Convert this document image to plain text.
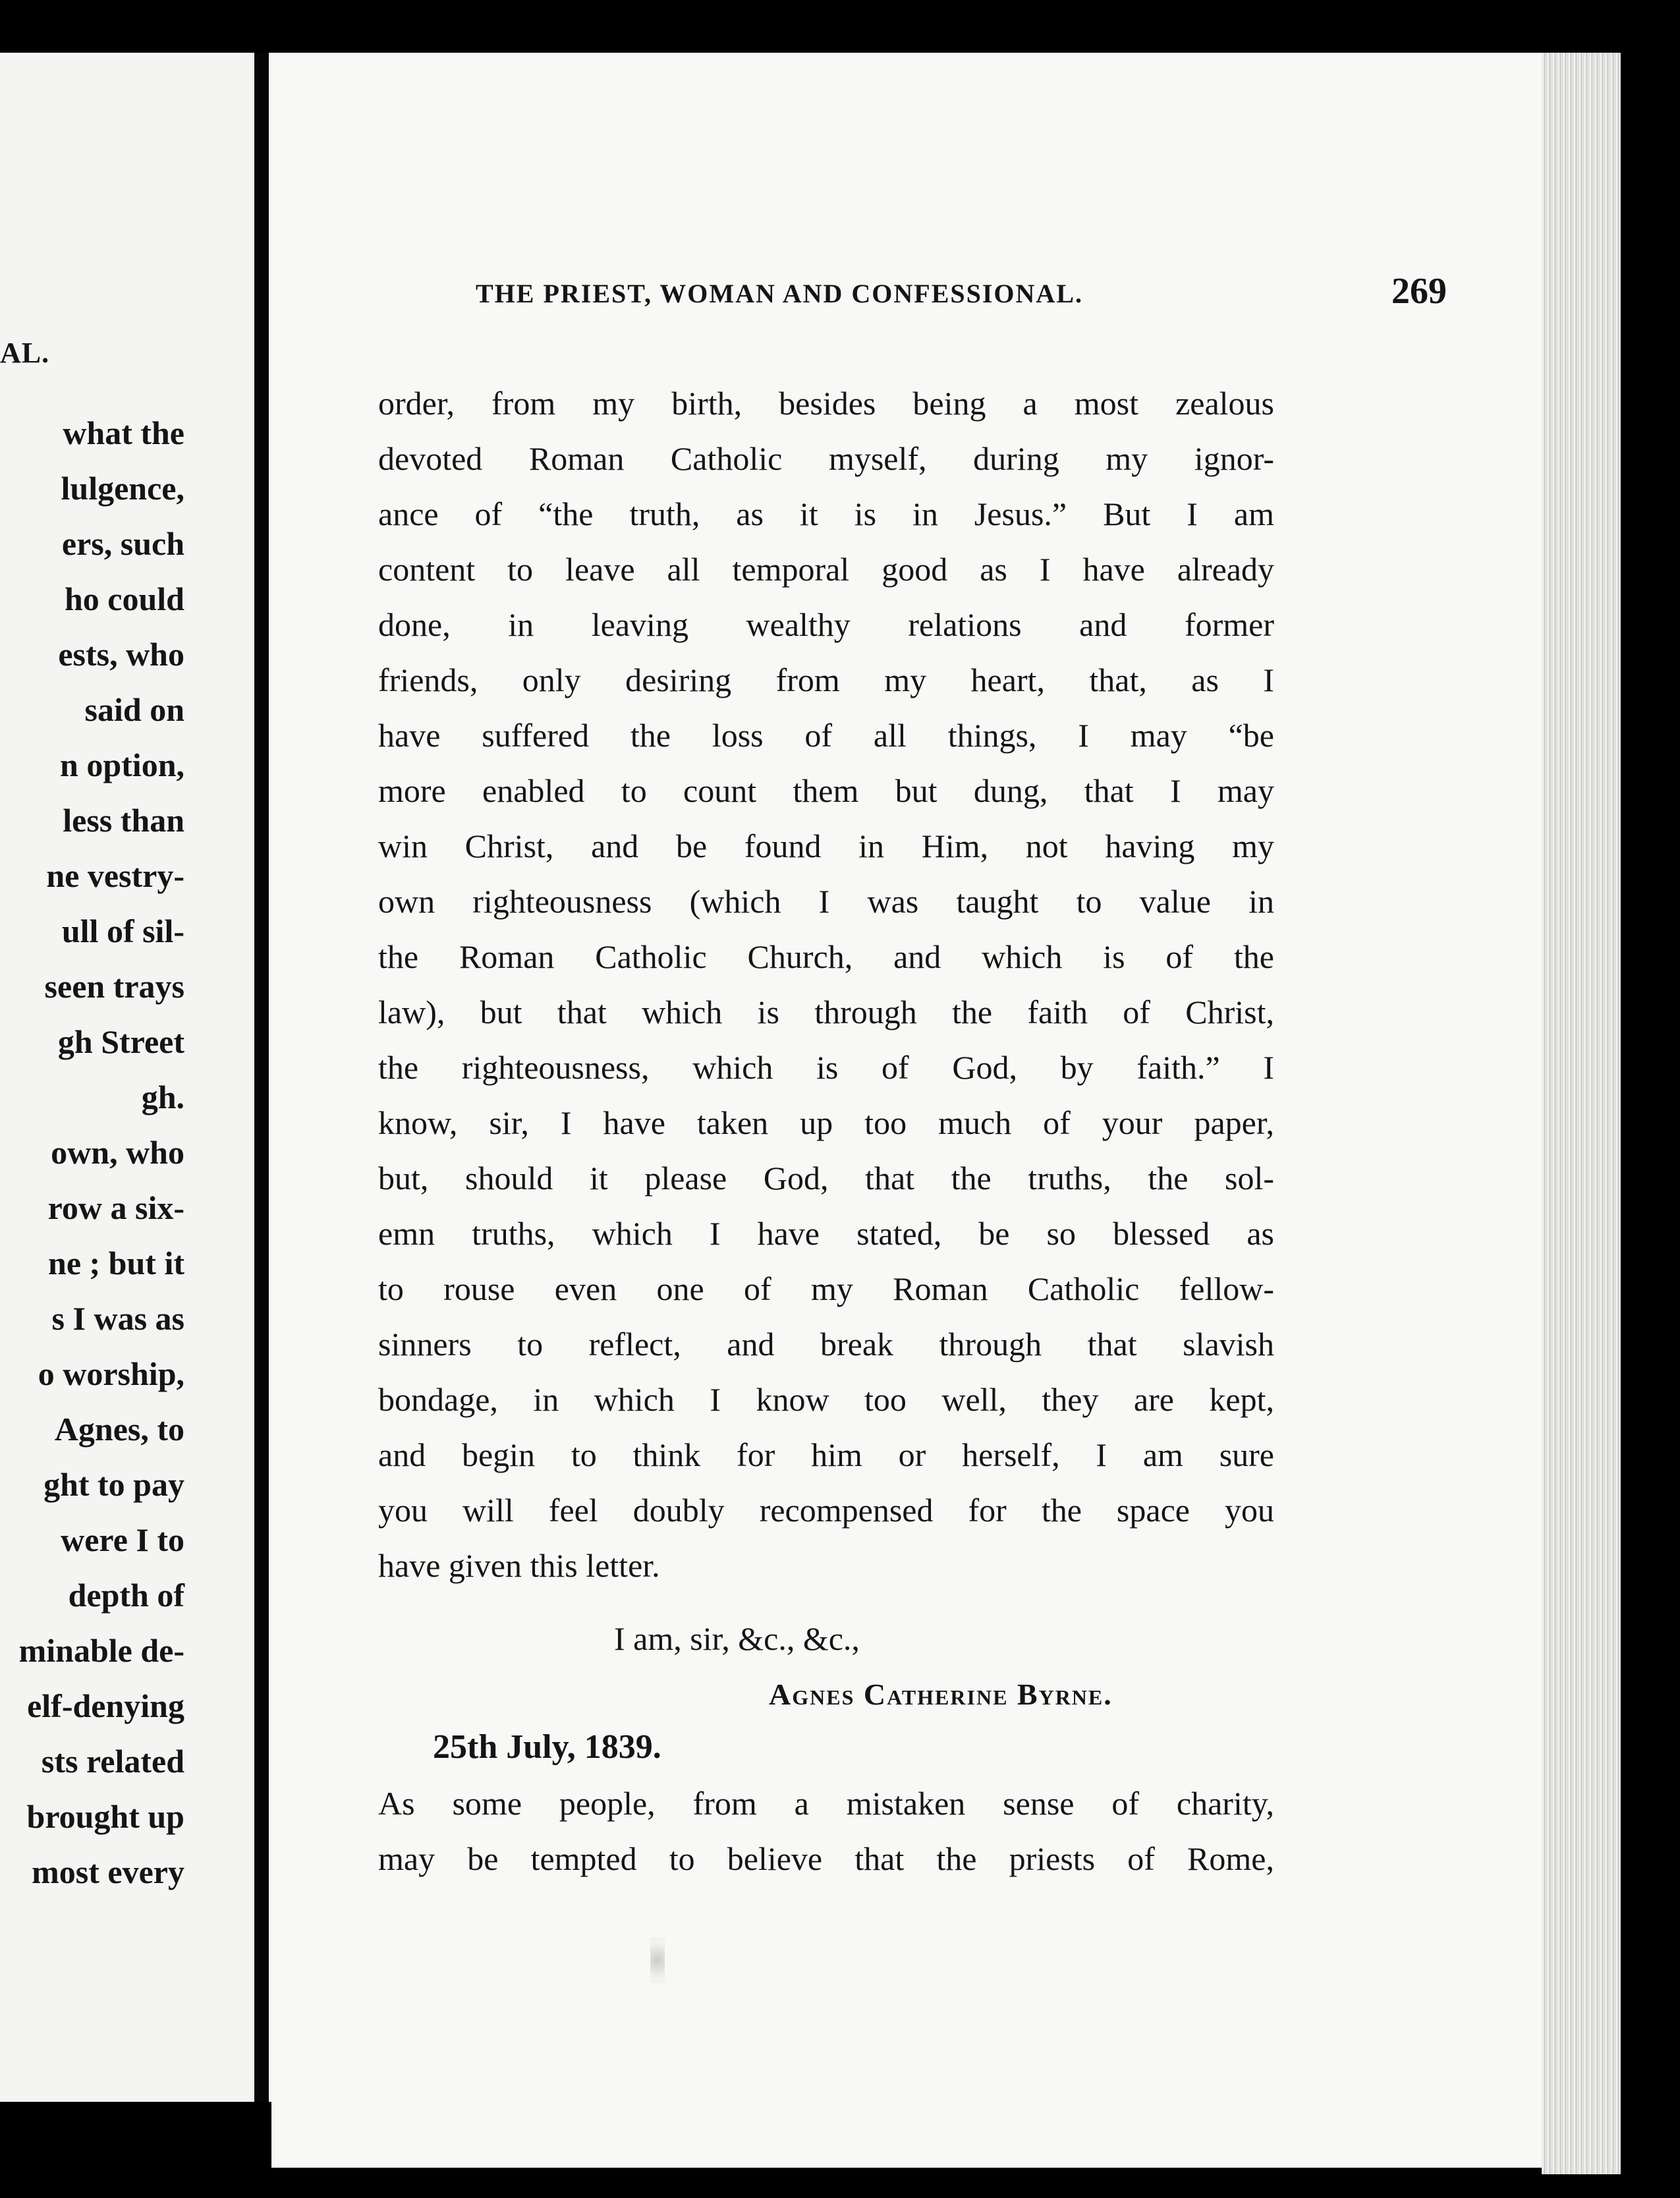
AL.
what the
lulgence,
ers, such
ho could
ests, who
said on
n option,
less than
ne vestry-
ull of sil-
seen trays
gh Street
gh.
own, who
row a six-
ne ; but it
s I was as
o worship,
Agnes, to
ght to pay
were I to
depth of
minable de-
elf-denying
sts related
brought up
most every
THE PRIEST, WOMAN AND CONFESSIONAL.	269
order, from my birth, besides being a most zealous
devoted Roman Catholic myself, during my ignor-
ance of “the truth, as it is in Jesus.” But I am
content to leave all temporal good as I have already
done, in leaving wealthy relations and former
friends, only desiring from my heart, that, as I
have suffered the loss of all things, I may “be
more enabled to count them but dung, that I may
win Christ, and be found in Him, not having my
own righteousness (which I was taught to value in
the Roman Catholic Church, and which is of the
law), but that which is through the faith of Christ,
the righteousness, which is of God, by faith.” I
know, sir, I have taken up too much of your paper,
but, should it please God, that the truths, the sol-
emn truths, which I have stated, be so blessed as
to rouse even one of my Roman Catholic fellow-
sinners to reflect, and break through that slavish
bondage, in which I know too well, they are kept,
and begin to think for him or herself, I am sure
you will feel doubly recompensed for the space you
have given this letter.
I am, sir, &c., &c.,
Agnes Catherine Byrne.
25th July, 1839.
As some people, from a mistaken sense of charity,
may be tempted to believe that the priests of Rome,
